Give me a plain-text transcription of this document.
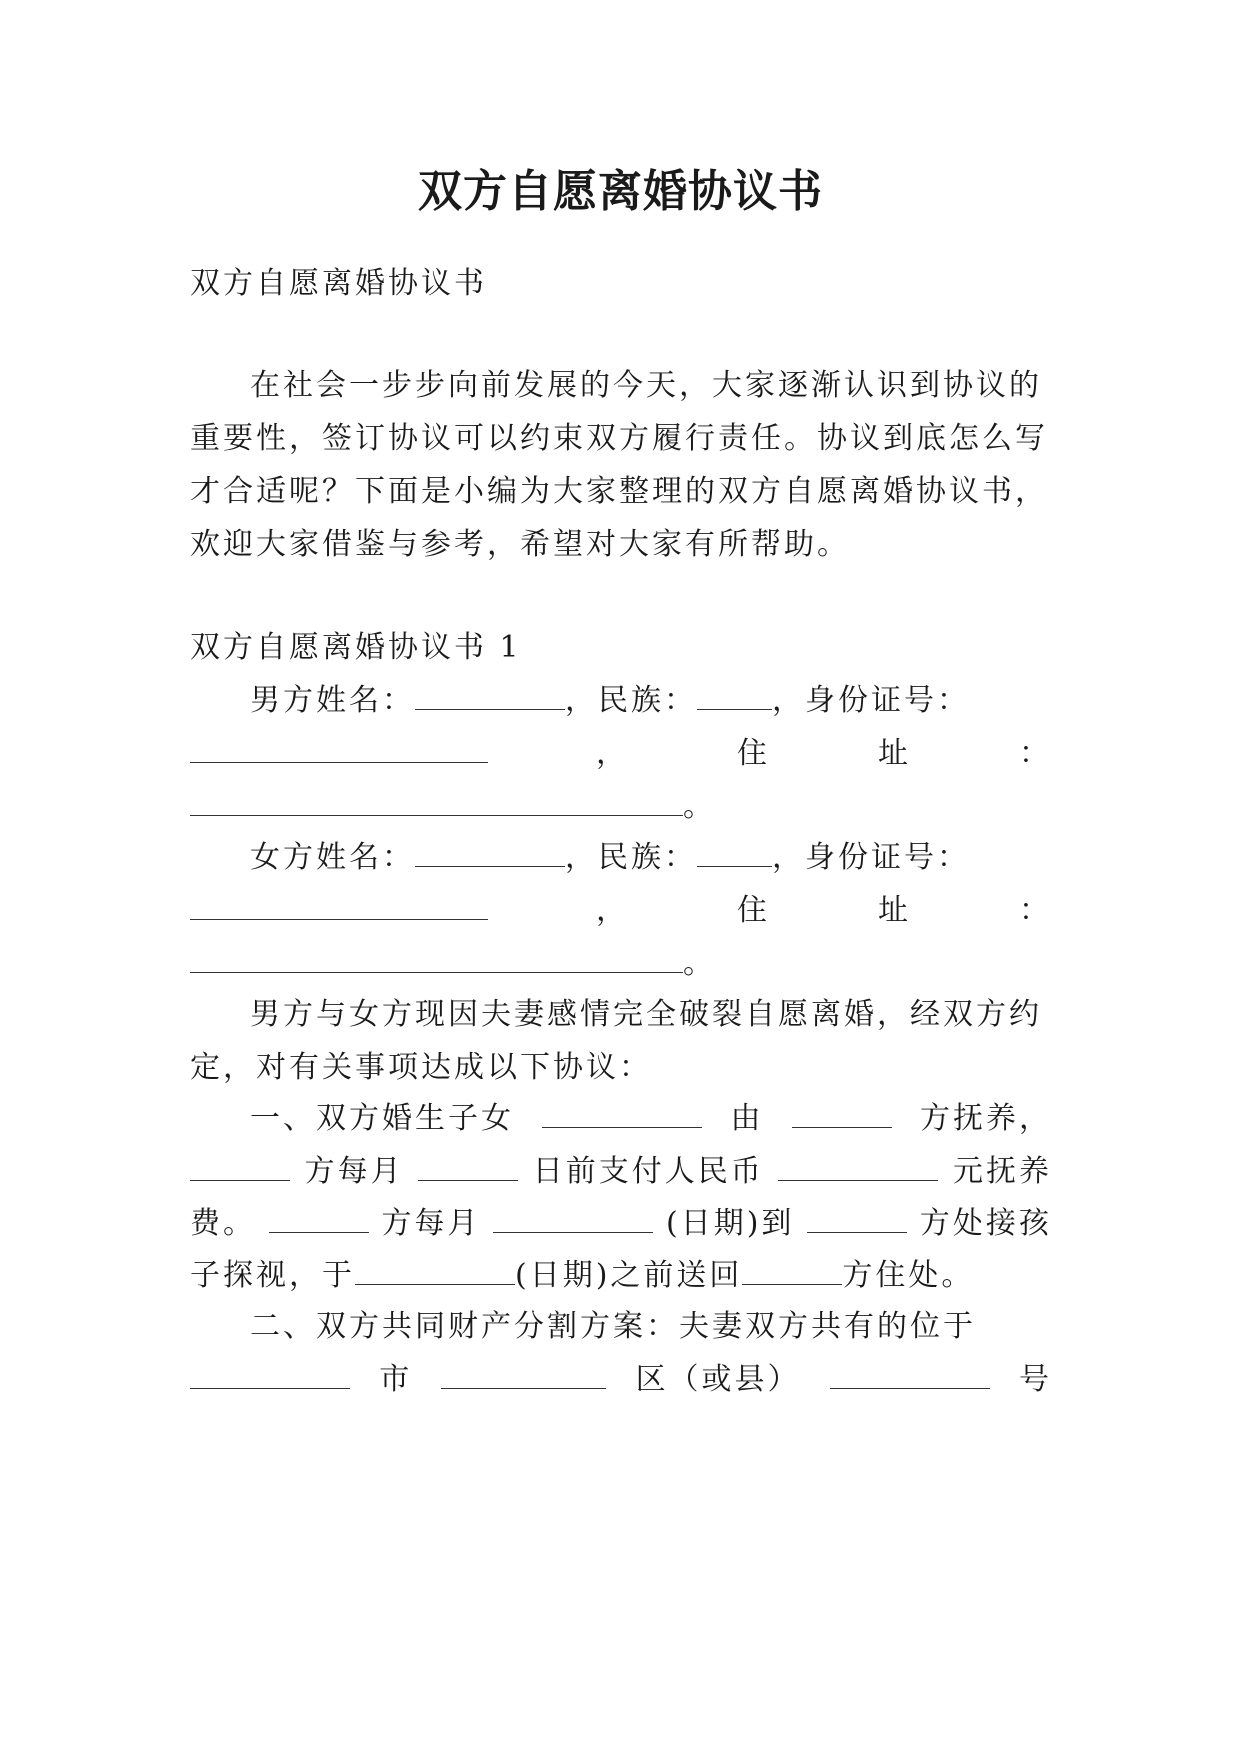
双方自愿离婚协议书
双方自愿离婚协议书
在社会一步步向前发展的今天，大家逐渐认识到协议的
重要性，签订协议可以约束双方履行责任。协议到底怎么写
才合适呢？下面是小编为大家整理的双方自愿离婚协议书，
欢迎大家借鉴与参考，希望对大家有所帮助。
双方自愿离婚协议书 1
男方姓名：	，民族：	，身份证号：
，	住	址	：
。
女方姓名：	，民族：	，身份证号：
，	住	址	：
。
男方与女方现因夫妻感情完全破裂自愿离婚，经双方约
定，对有关事项达成以下协议：
一、双方婚生子女	由	方抚养，
方每月	日前支付人民币	元抚养
费。	方每月	(日期)到	方处接孩
子探视，于	(日期)之前送回	方住处。
二、双方共同财产分割方案：夫妻双方共有的位于
市	区（或县）	号
